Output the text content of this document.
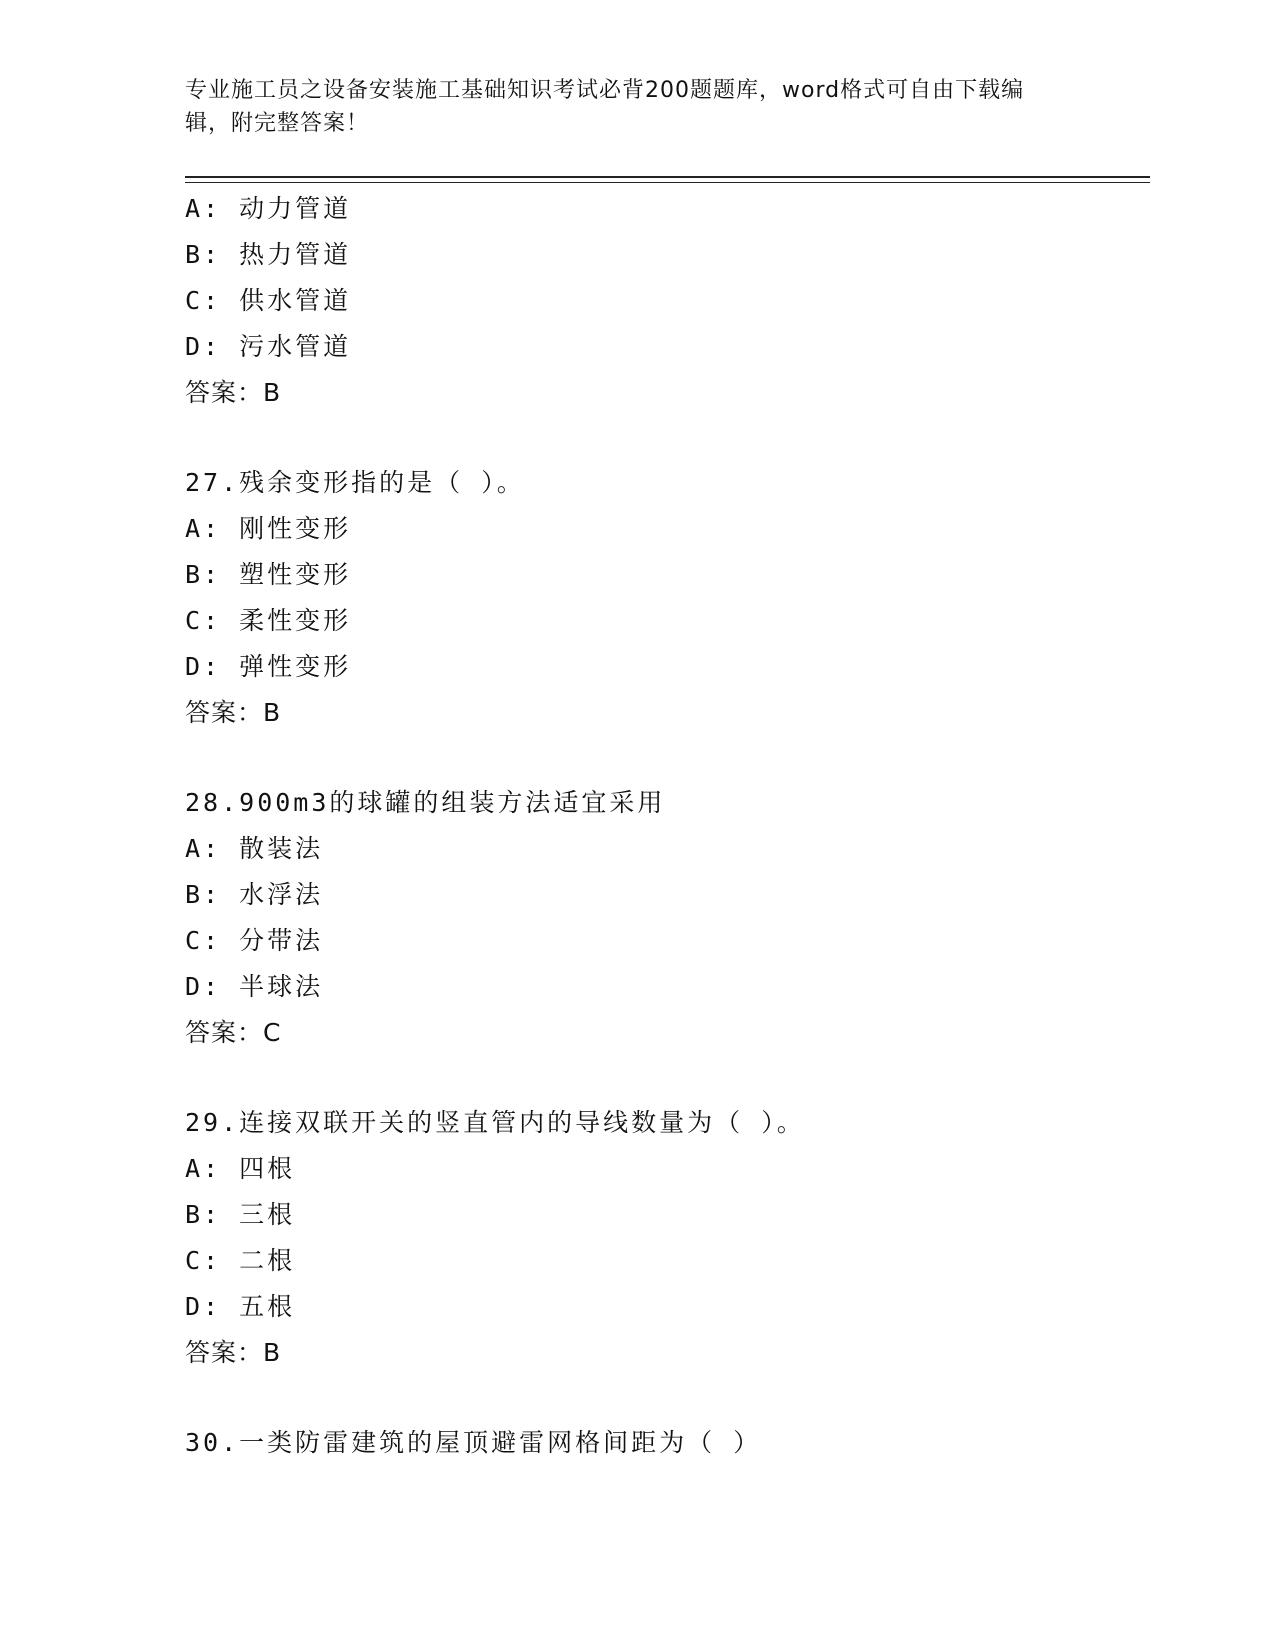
专业施工员之设备安装施工基础知识考试必背200题题库，word格式可自由下载编辑，附完整答案！
A: 动力管道
B: 热力管道
C: 供水管道
D: 污水管道
答案：B
27.残余变形指的是（ ）。
A: 刚性变形
B: 塑性变形
C: 柔性变形
D: 弹性变形
答案：B
28.900m3的球罐的组装方法适宜采用
A: 散装法
B: 水浮法
C: 分带法
D: 半球法
答案：C
29.连接双联开关的竖直管内的导线数量为（ ）。
A: 四根
B: 三根
C: 二根
D: 五根
答案：B
30.一类防雷建筑的屋顶避雷网格间距为（ ）
